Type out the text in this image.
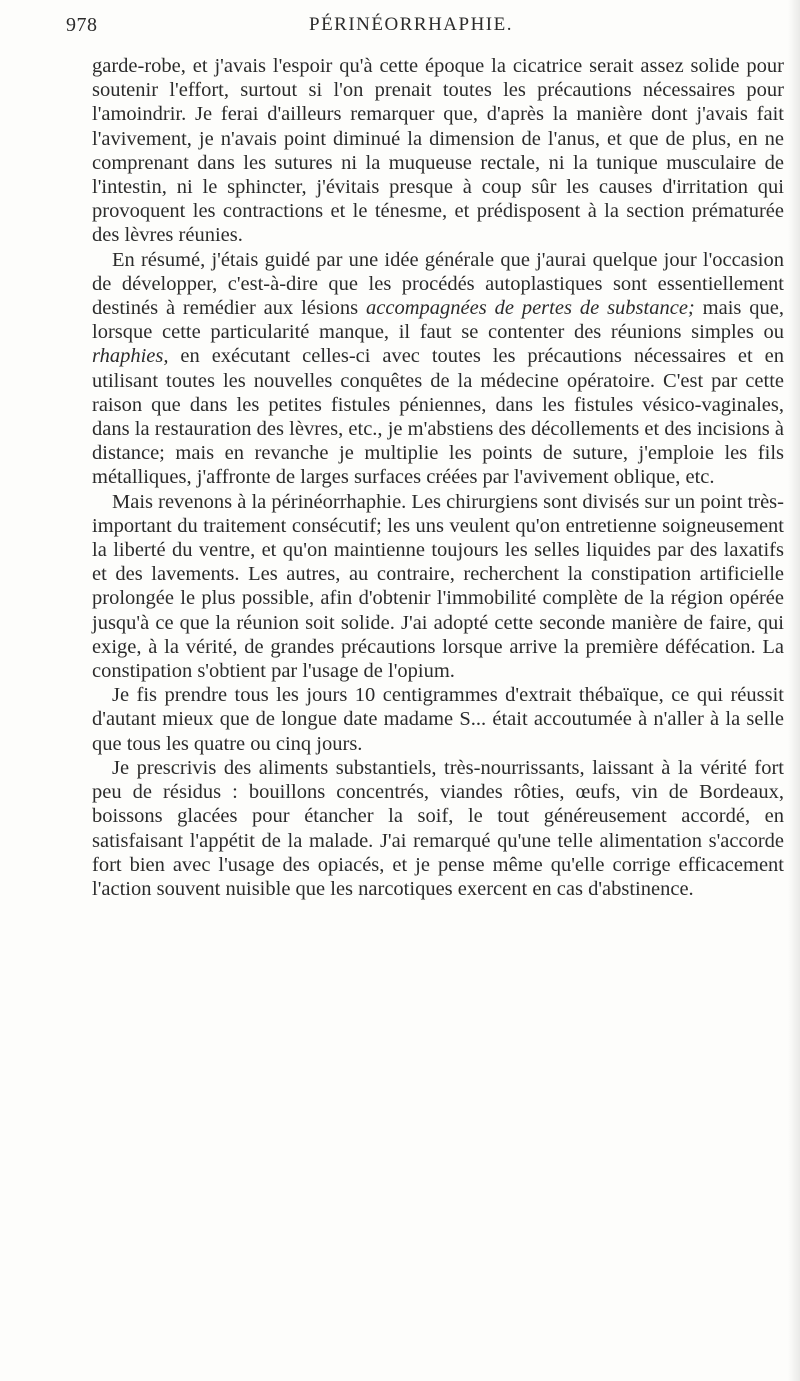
978	PÉRINÉORRHAPHIE.

garde-robe, et j'avais l'espoir qu'à cette époque la cicatrice serait assez solide pour soutenir l'effort, surtout si l'on prenait toutes les précautions nécessaires pour l'amoindrir. Je ferai d'ailleurs remarquer que, d'après la manière dont j'avais fait l'avivement, je n'avais point diminué la dimension de l'anus, et que de plus, en ne comprenant dans les sutures ni la muqueuse rectale, ni la tunique musculaire de l'intestin, ni le sphincter, j'évitais presque à coup sûr les causes d'irritation qui provoquent les contractions et le ténesme, et prédisposent à la section prématurée des lèvres réunies.

En résumé, j'étais guidé par une idée générale que j'aurai quelque jour l'occasion de développer, c'est-à-dire que les procédés autoplastiques sont essentiellement destinés à remédier aux lésions accompagnées de pertes de substance; mais que, lorsque cette particularité manque, il faut se contenter des réunions simples ou rhaphies, en exécutant celles-ci avec toutes les précautions nécessaires et en utilisant toutes les nouvelles conquêtes de la médecine opératoire. C'est par cette raison que dans les petites fistules péniennes, dans les fistules vésico-vaginales, dans la restauration des lèvres, etc., je m'abstiens des décollements et des incisions à distance; mais en revanche je multiplie les points de suture, j'emploie les fils métalliques, j'affronte de larges surfaces créées par l'avivement oblique, etc.

Mais revenons à la périnéorrhaphie. Les chirurgiens sont divisés sur un point très-important du traitement consécutif; les uns veulent qu'on entretienne soigneusement la liberté du ventre, et qu'on maintienne toujours les selles liquides par des laxatifs et des lavements. Les autres, au contraire, recherchent la constipation artificielle prolongée le plus possible, afin d'obtenir l'immobilité complète de la région opérée jusqu'à ce que la réunion soit solide. J'ai adopté cette seconde manière de faire, qui exige, à la vérité, de grandes précautions lorsque arrive la première défécation. La constipation s'obtient par l'usage de l'opium.

Je fis prendre tous les jours 10 centigrammes d'extrait thébaïque, ce qui réussit d'autant mieux que de longue date madame S... était accoutumée à n'aller à la selle que tous les quatre ou cinq jours.

Je prescrivis des aliments substantiels, très-nourrissants, laissant à la vérité fort peu de résidus : bouillons concentrés, viandes rôties, œufs, vin de Bordeaux, boissons glacées pour étancher la soif, le tout généreusement accordé, en satisfaisant l'appétit de la malade. J'ai remarqué qu'une telle alimentation s'accorde fort bien avec l'usage des opiacés, et je pense même qu'elle corrige efficacement l'action souvent nuisible que les narcotiques exercent en cas d'abstinence.
